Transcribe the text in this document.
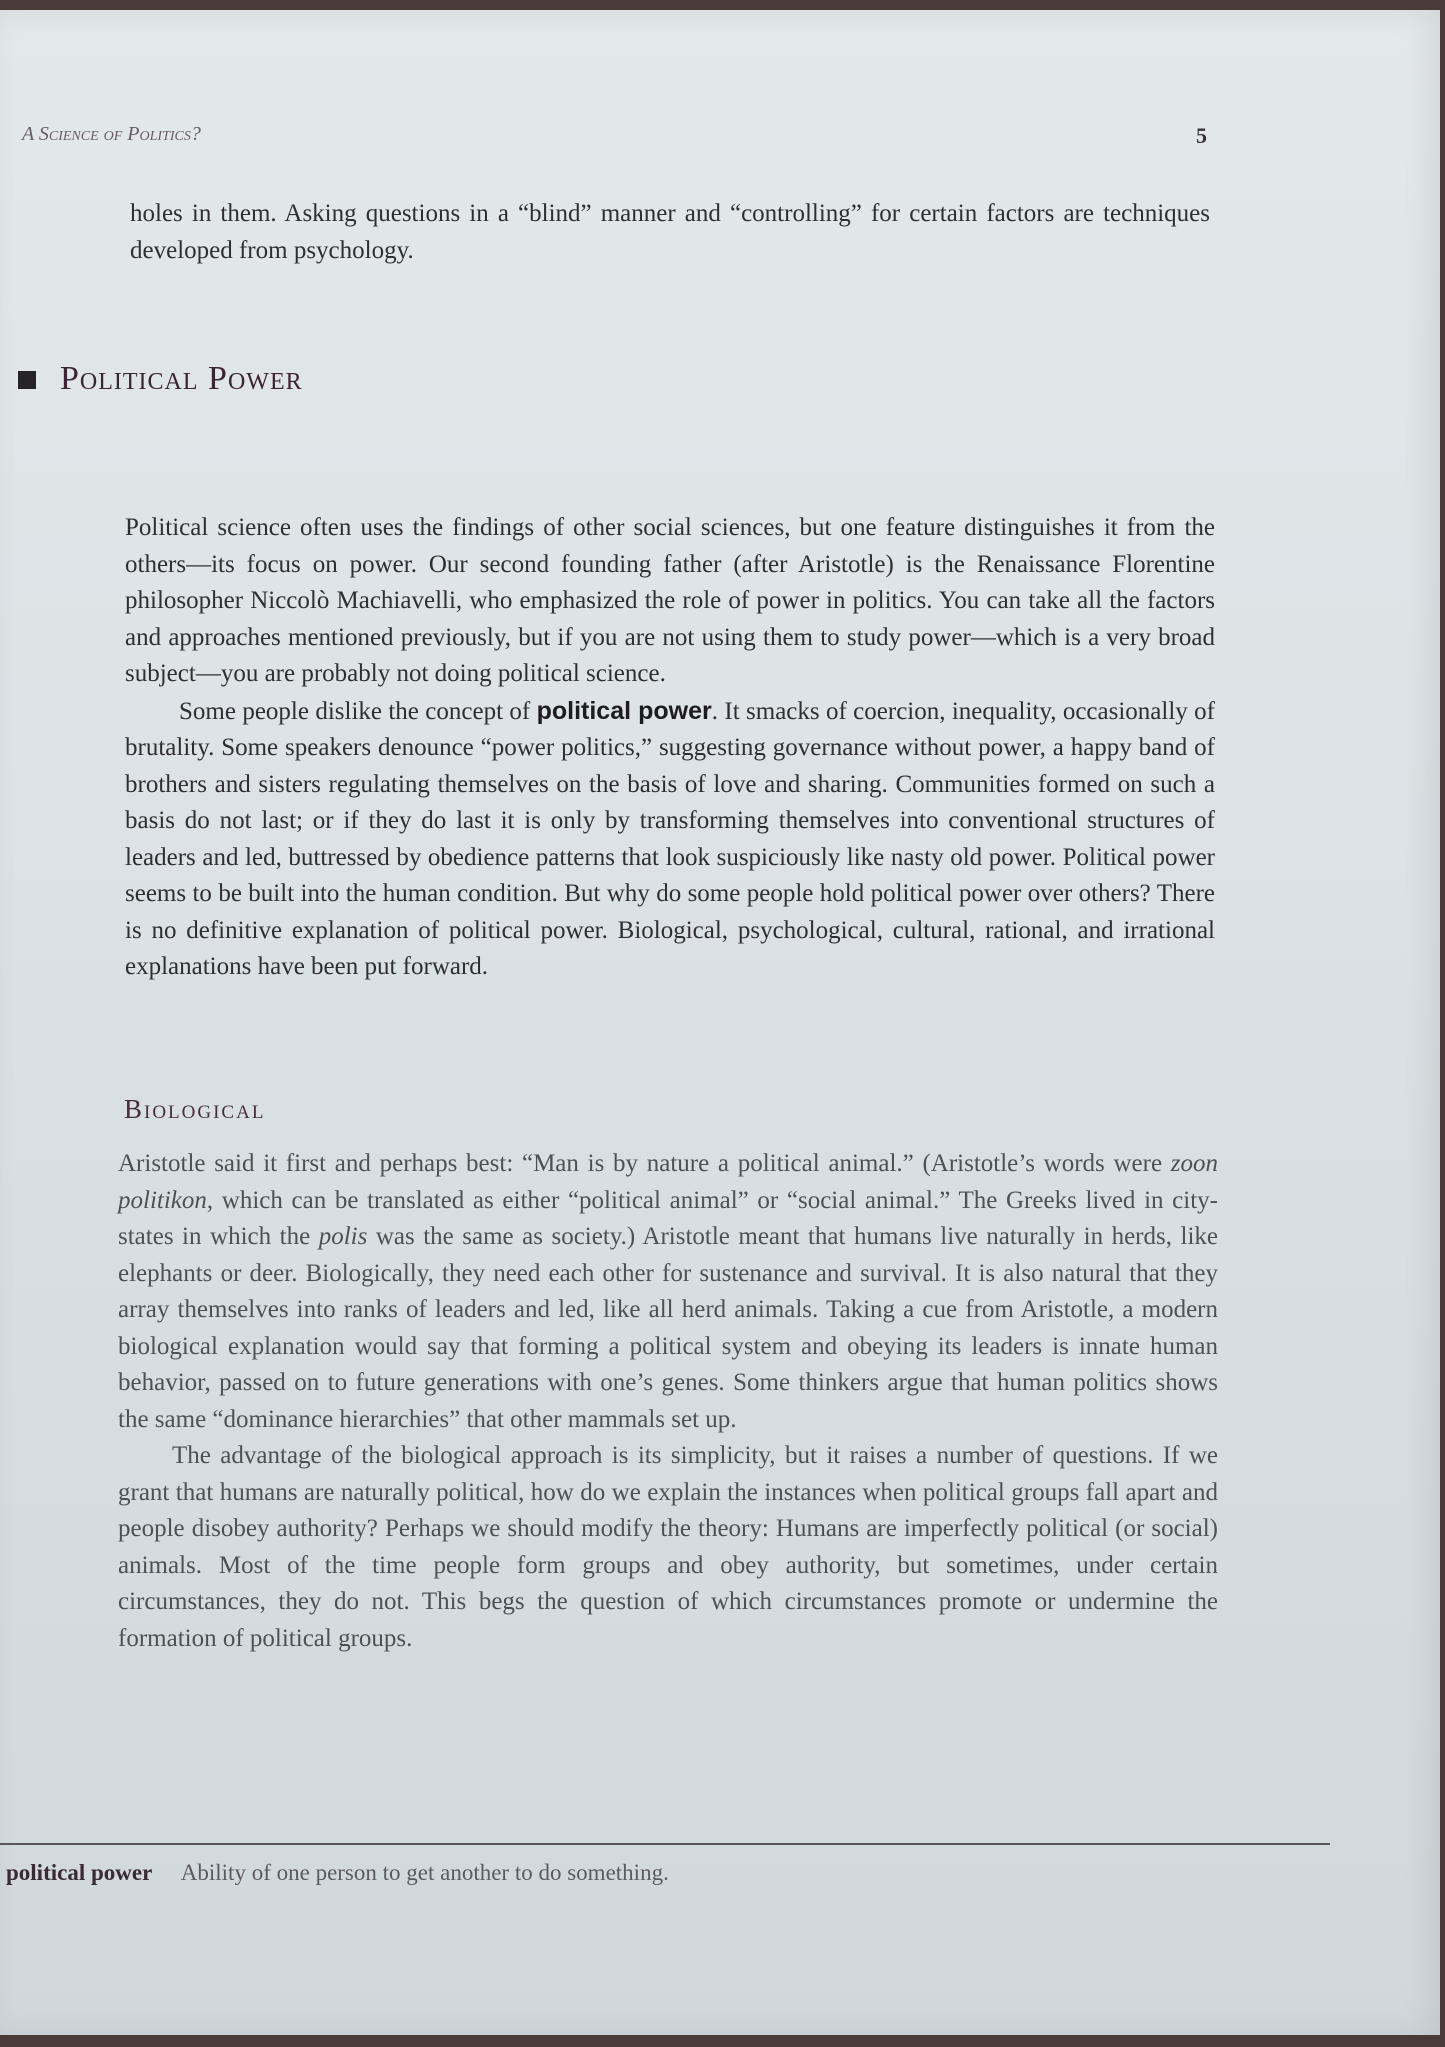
A Science of Politics?	5

holes in them. Asking questions in a “blind” manner and “controlling” for certain factors are techniques developed from psychology.

Political Power

Political science often uses the findings of other social sciences, but one feature distinguishes it from the others—its focus on power. Our second founding father (after Aristotle) is the Renaissance Florentine philosopher Niccolò Machiavelli, who emphasized the role of power in politics. You can take all the factors and approaches mentioned previously, but if you are not using them to study power—which is a very broad subject—you are probably not doing political science.

Some people dislike the concept of political power. It smacks of coercion, inequality, occasionally of brutality. Some speakers denounce “power politics,” suggesting governance without power, a happy band of brothers and sisters regulating themselves on the basis of love and sharing. Communities formed on such a basis do not last; or if they do last it is only by transforming themselves into conventional structures of leaders and led, buttressed by obedience patterns that look suspiciously like nasty old power. Political power seems to be built into the human condition. But why do some people hold political power over others? There is no definitive explanation of political power. Biological, psychological, cultural, rational, and irrational explanations have been put forward.

Biological

Aristotle said it first and perhaps best: “Man is by nature a political animal.” (Aristotle’s words were zoon politikon, which can be translated as either “political animal” or “social animal.” The Greeks lived in city-states in which the polis was the same as society.) Aristotle meant that humans live naturally in herds, like elephants or deer. Biologically, they need each other for sustenance and survival. It is also natural that they array themselves into ranks of leaders and led, like all herd animals. Taking a cue from Aristotle, a modern biological explanation would say that forming a political system and obeying its leaders is innate human behavior, passed on to future generations with one’s genes. Some thinkers argue that human politics shows the same “dominance hierarchies” that other mammals set up.

The advantage of the biological approach is its simplicity, but it raises a number of questions. If we grant that humans are naturally political, how do we explain the instances when political groups fall apart and people disobey authority? Perhaps we should modify the theory: Humans are imperfectly political (or social) animals. Most of the time people form groups and obey authority, but sometimes, under certain circumstances, they do not. This begs the question of which circumstances promote or undermine the formation of political groups.

political power Ability of one person to get another to do something.
